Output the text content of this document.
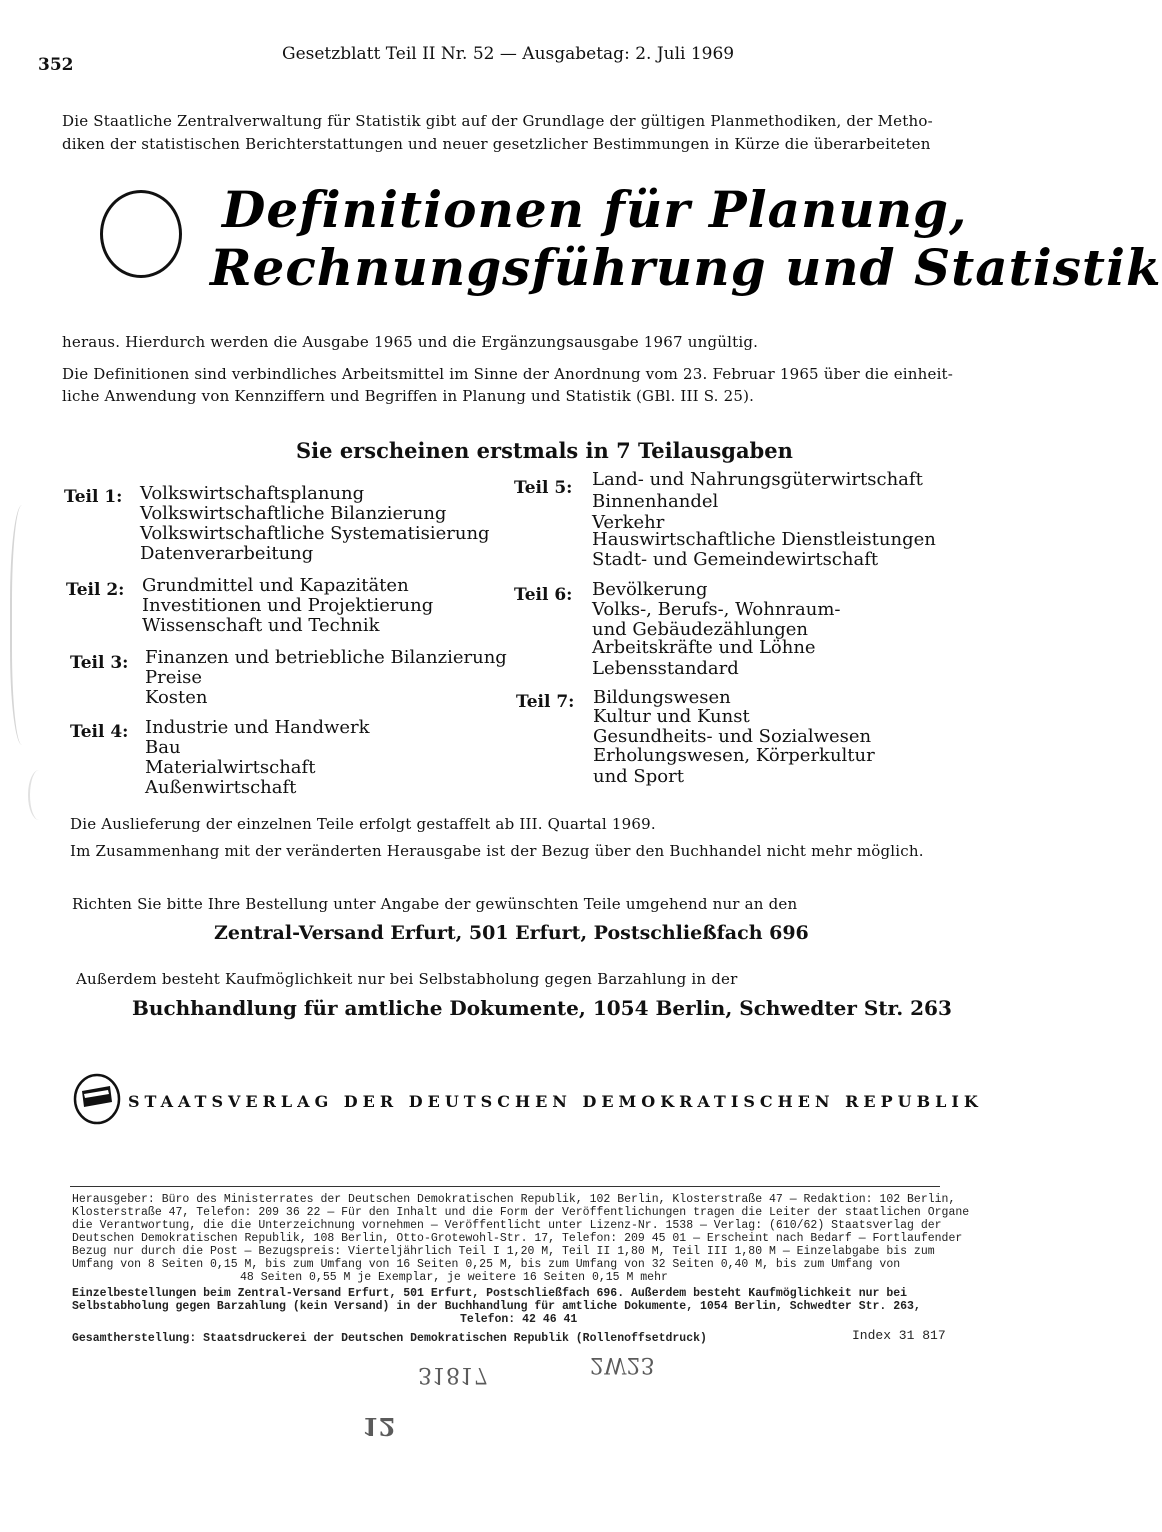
352
Gesetzblatt Teil II Nr. 52 — Ausgabetag: 2. Juli 1969
Die Staatliche Zentralverwaltung für Statistik gibt auf der Grundlage der gültigen Planmethodiken, der Metho-
diken der statistischen Berichterstattungen und neuer gesetzlicher Bestimmungen in Kürze die überarbeiteten
Definitionen für Planung,
Rechnungsführung und Statistik
heraus. Hierdurch werden die Ausgabe 1965 und die Ergänzungsausgabe 1967 ungültig.
Die Definitionen sind verbindliches Arbeitsmittel im Sinne der Anordnung vom 23. Februar 1965 über die einheit-
liche Anwendung von Kennziffern und Begriffen in Planung und Statistik (GBl. III S. 25).
Sie erscheinen erstmals in 7 Teilausgaben
Teil 1: Volkswirtschaftsplanung
Volkswirtschaftliche Bilanzierung
Volkswirtschaftliche Systematisierung
Datenverarbeitung
Teil 2: Grundmittel und Kapazitäten
Investitionen und Projektierung
Wissenschaft und Technik
Teil 3: Finanzen und betriebliche Bilanzierung
Preise
Kosten
Teil 4: Industrie und Handwerk
Bau
Materialwirtschaft
Außenwirtschaft
Teil 5: Land- und Nahrungsgüterwirtschaft
Binnenhandel
Verkehr
Hauswirtschaftliche Dienstleistungen
Stadt- und Gemeindewirtschaft
Teil 6: Bevölkerung
Volks-, Berufs-, Wohnraum-
und Gebäudezählungen
Arbeitskräfte und Löhne
Lebensstandard
Teil 7: Bildungswesen
Kultur und Kunst
Gesundheits- und Sozialwesen
Erholungswesen, Körperkultur
und Sport
Die Auslieferung der einzelnen Teile erfolgt gestaffelt ab III. Quartal 1969.
Im Zusammenhang mit der veränderten Herausgabe ist der Bezug über den Buchhandel nicht mehr möglich.
Richten Sie bitte Ihre Bestellung unter Angabe der gewünschten Teile umgehend nur an den
Zentral-Versand Erfurt, 501 Erfurt, Postschließfach 696
Außerdem besteht Kaufmöglichkeit nur bei Selbstabholung gegen Barzahlung in der
Buchhandlung für amtliche Dokumente, 1054 Berlin, Schwedter Str. 263
STAATSVERLAG DER DEUTSCHEN DEMOKRATISCHEN REPUBLIK
Herausgeber: Büro des Ministerrates der Deutschen Demokratischen Republik, 102 Berlin, Klosterstraße 47 — Redaktion: 102 Berlin,
Klosterstraße 47, Telefon: 209 36 22 — Für den Inhalt und die Form der Veröffentlichungen tragen die Leiter der staatlichen Organe
die Verantwortung, die die Unterzeichnung vornehmen — Veröffentlicht unter Lizenz-Nr. 1538 — Verlag: (610/62) Staatsverlag der
Deutschen Demokratischen Republik, 108 Berlin, Otto-Grotewohl-Str. 17, Telefon: 209 45 01 — Erscheint nach Bedarf — Fortlaufender
Bezug nur durch die Post — Bezugspreis: Vierteljährlich Teil I 1,20 M, Teil II 1,80 M, Teil III 1,80 M — Einzelabgabe bis zum
Umfang von 8 Seiten 0,15 M, bis zum Umfang von 16 Seiten 0,25 M, bis zum Umfang von 32 Seiten 0,40 M, bis zum Umfang von
48 Seiten 0,55 M je Exemplar, je weitere 16 Seiten 0,15 M mehr
Einzelbestellungen beim Zentral-Versand Erfurt, 501 Erfurt, Postschließfach 696. Außerdem besteht Kaufmöglichkeit nur bei
Selbstabholung gegen Barzahlung (kein Versand) in der Buchhandlung für amtliche Dokumente, 1054 Berlin, Schwedter Str. 263,
Telefon: 42 46 41
Gesamtherstellung: Staatsdruckerei der Deutschen Demokratischen Republik (Rollenoffsetdruck)	Index 31 817
31817	2W23
12
